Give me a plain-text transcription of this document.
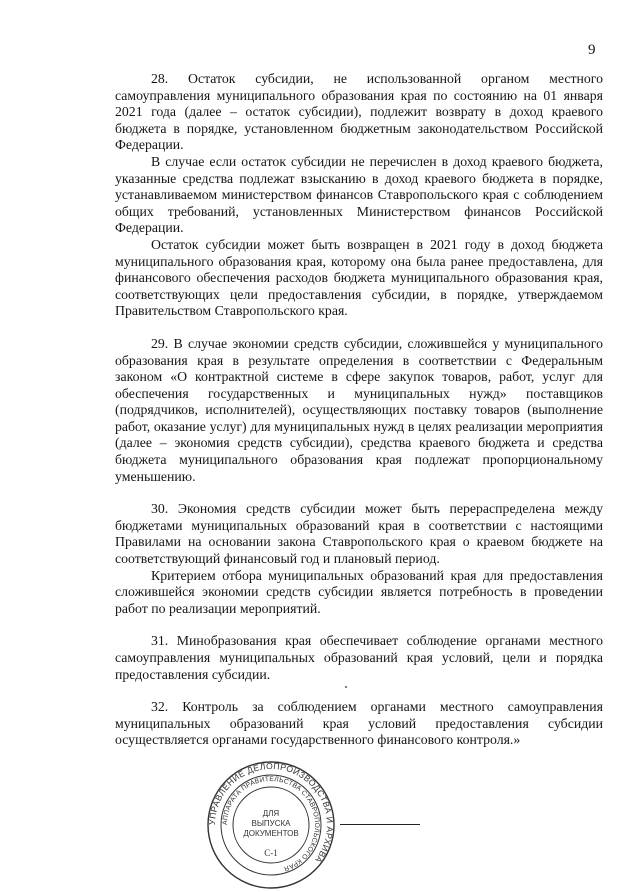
9

28. Остаток субсидии, не использованной органом местного самоуправления муниципального образования края по состоянию на 01 января 2021 года (далее – остаток субсидии), подлежит возврату в доход краевого бюджета в порядке, установленном бюджетным законодательством Российской Федерации.

В случае если остаток субсидии не перечислен в доход краевого бюджета, указанные средства подлежат взысканию в доход краевого бюджета в порядке, устанавливаемом министерством финансов Ставропольского края с соблюдением общих требований, установленных Министерством финансов Российской Федерации.

Остаток субсидии может быть возвращен в 2021 году в доход бюджета муниципального образования края, которому она была ранее предоставлена, для финансового обеспечения расходов бюджета муниципального образования края, соответствующих цели предоставления субсидии, в порядке, утверждаемом Правительством Ставропольского края.

29. В случае экономии средств субсидии, сложившейся у муниципального образования края в результате определения в соответствии с Федеральным законом «О контрактной системе в сфере закупок товаров, работ, услуг для обеспечения государственных и муниципальных нужд» поставщиков (подрядчиков, исполнителей), осуществляющих поставку товаров (выполнение работ, оказание услуг) для муниципальных нужд в целях реализации мероприятия (далее – экономия средств субсидии), средства краевого бюджета и средства бюджета муниципального образования края подлежат пропорциональному уменьшению.

30. Экономия средств субсидии может быть перераспределена между бюджетами муниципальных образований края в соответствии с настоящими Правилами на основании закона Ставропольского края о краевом бюджете на соответствующий финансовый год и плановый период.

Критерием отбора муниципальных образований края для предоставления сложившейся экономии средств субсидии является потребность в проведении работ по реализации мероприятий.

31. Минобразования края обеспечивает соблюдение органами местного самоуправления муниципальных образований края условий, цели и порядка предоставления субсидии.

32. Контроль за соблюдением органами местного самоуправления муниципальных образований края условий предоставления субсидии осуществляется органами государственного финансового контроля.»

УПРАВЛЕНИЕ ДЕЛОПРОИЗВОДСТВА И АРХИВА
АППАРАТА ПРАВИТЕЛЬСТВА СТАВРОПОЛЬСКОГО КРАЯ
ДЛЯ
ВЫПУСКА
ДОКУМЕНТОВ
С-1
